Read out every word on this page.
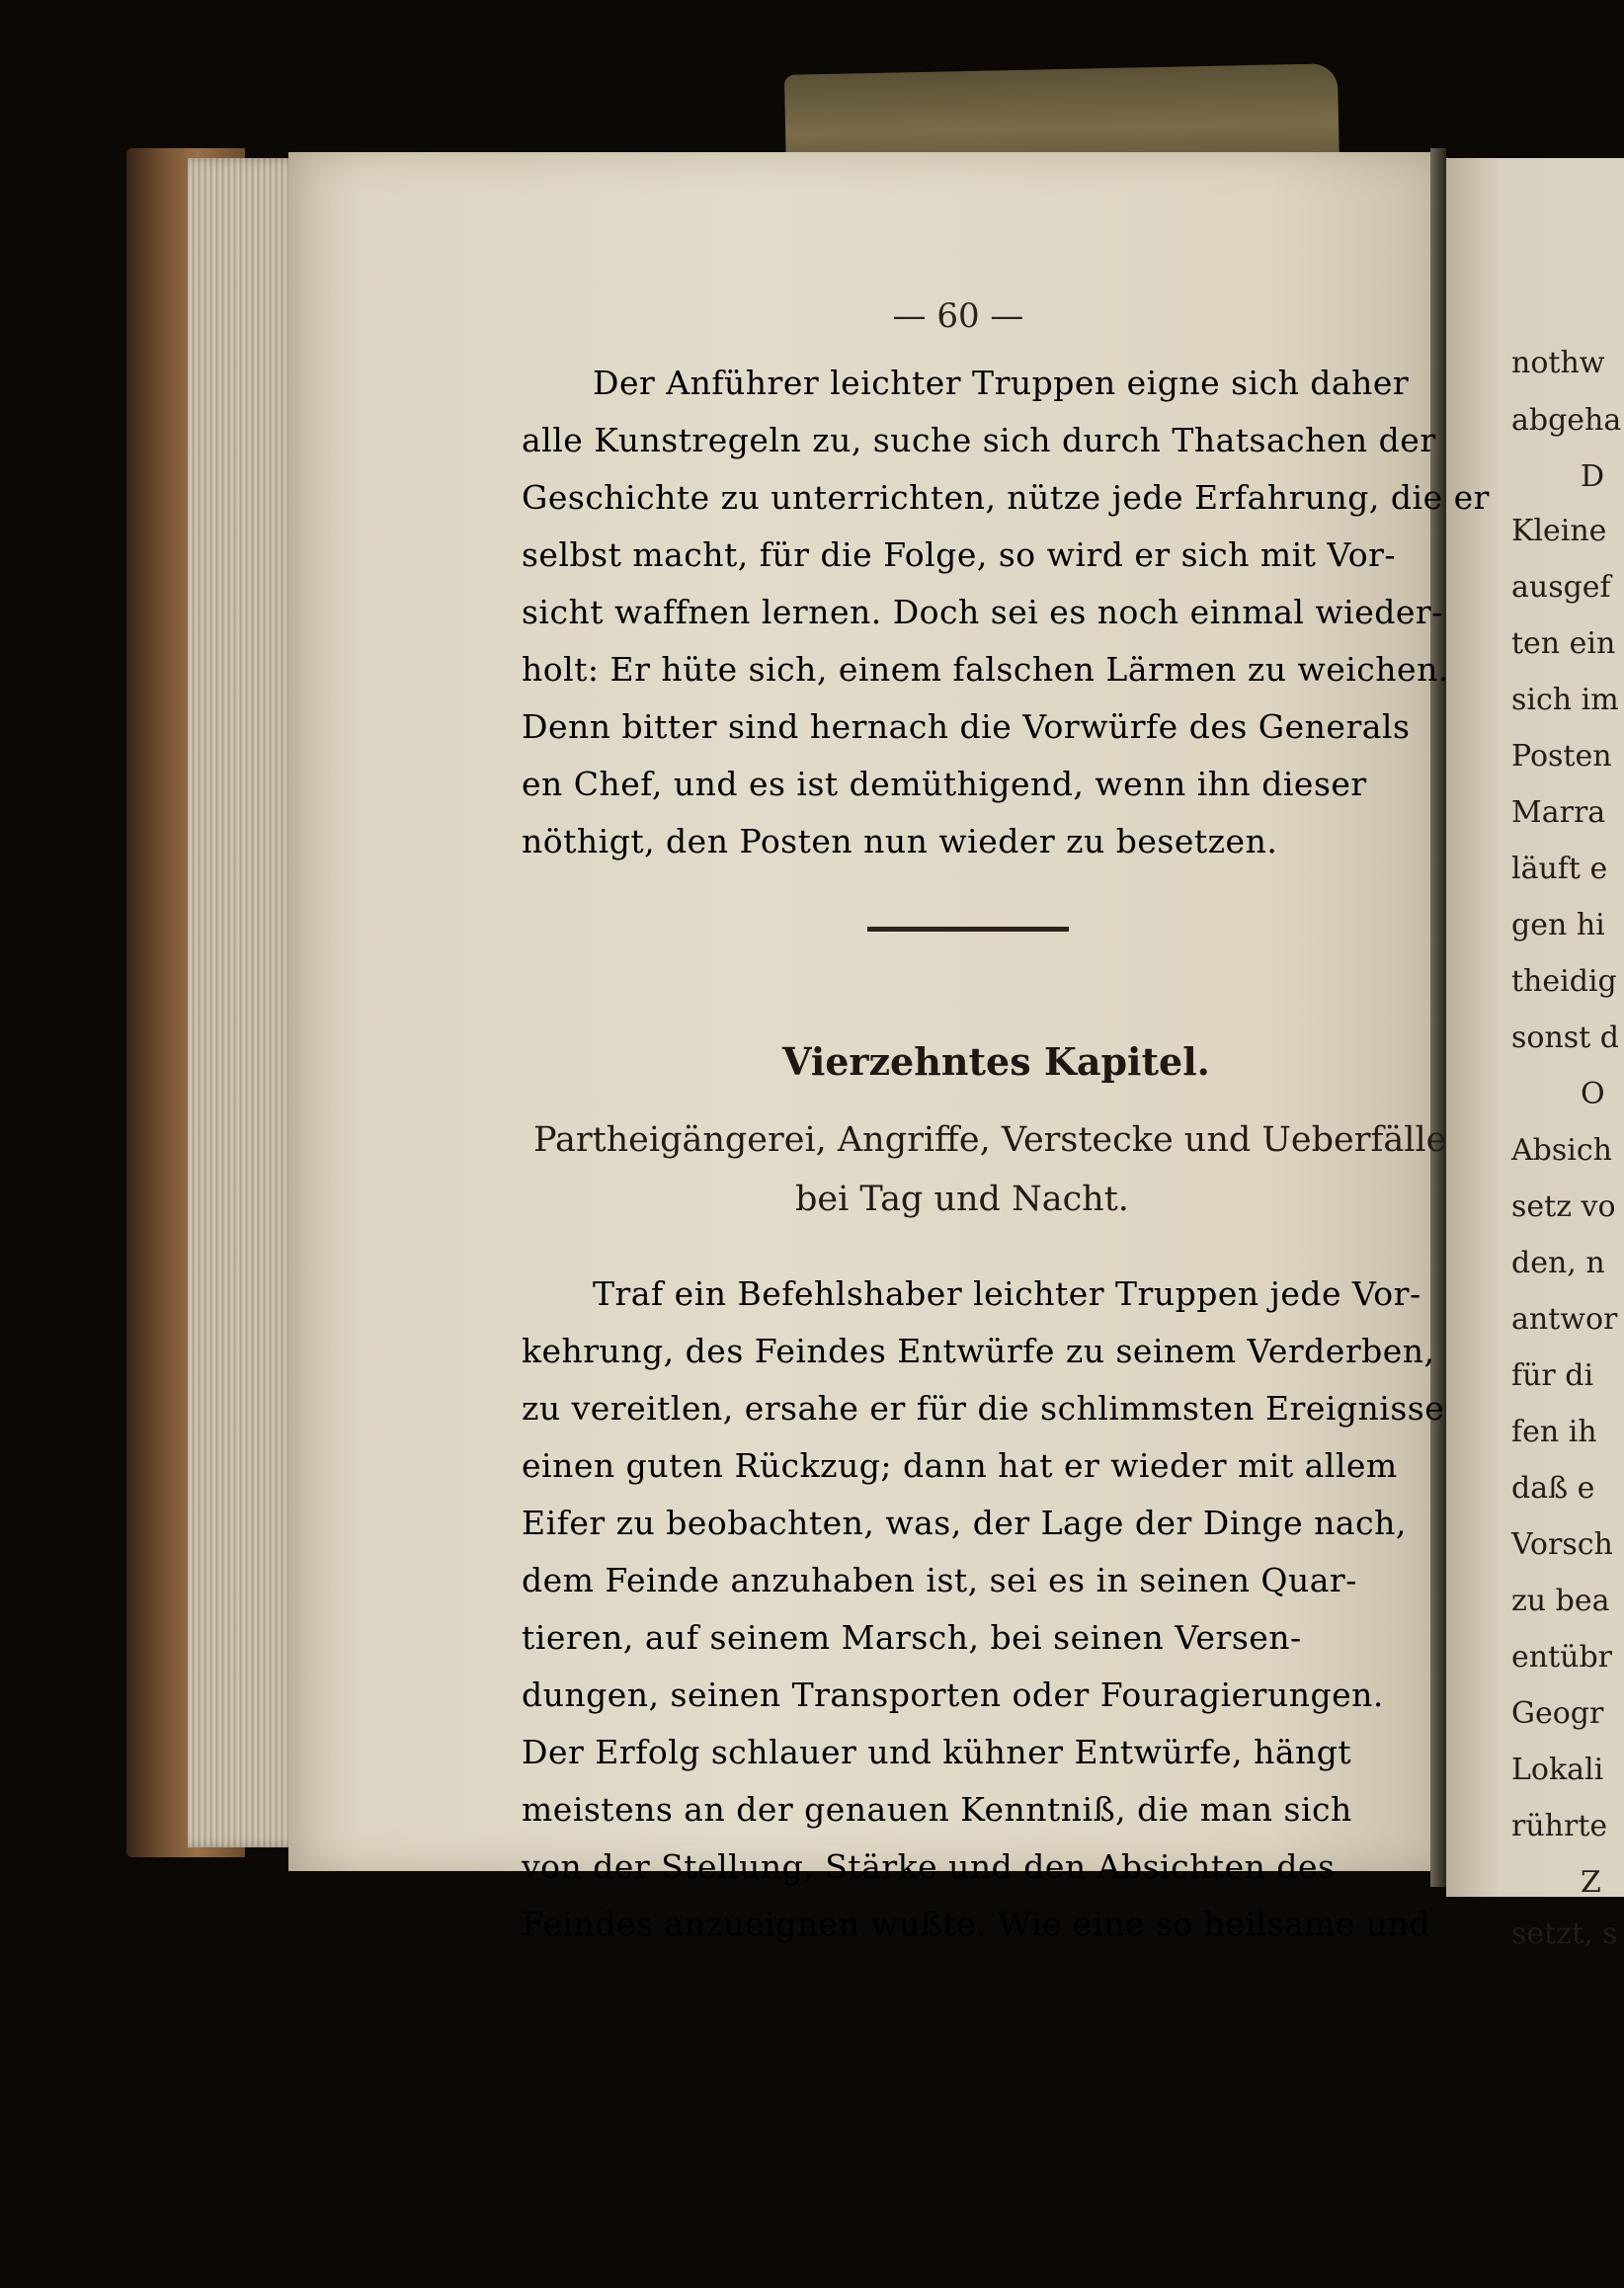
— 60 —
Der Anführer leichter Truppen eigne sich daher
alle Kunstregeln zu, suche sich durch Thatsachen der
Geschichte zu unterrichten, nütze jede Erfahrung, die er
selbst macht, für die Folge, so wird er sich mit Vor-
sicht waffnen lernen. Doch sei es noch einmal wieder-
holt: Er hüte sich, einem falschen Lärmen zu weichen.
Denn bitter sind hernach die Vorwürfe des Generals
en Chef, und es ist demüthigend, wenn ihn dieser
nöthigt, den Posten nun wieder zu besetzen.
Vierzehntes Kapitel.
Partheigängerei, Angriffe, Verstecke und Ueberfälle
bei Tag und Nacht.
Traf ein Befehlshaber leichter Truppen jede Vor-
kehrung, des Feindes Entwürfe zu seinem Verderben,
zu vereitlen, ersahe er für die schlimmsten Ereignisse
einen guten Rückzug; dann hat er wieder mit allem
Eifer zu beobachten, was, der Lage der Dinge nach,
dem Feinde anzuhaben ist, sei es in seinen Quar-
tieren, auf seinem Marsch, bei seinen Versen-
dungen, seinen Transporten oder Fouragierungen.
Der Erfolg schlauer und kühner Entwürfe, hängt
meistens an der genauen Kenntniß, die man sich
von der Stellung, Stärke und den Absichten des
Feindes anzueignen wußte. Wie eine so heilsame und
nothw
abgeha
D
Kleine
ausgef
ten ein
sich im
Posten
Marra
läuft e
gen hi
theidig
sonst d
O
Absich
setz vo
den, n
antwor
für di
fen ih
daß e
Vorsch
zu bea
entübr
Geogr
Lokali
rührte
Z
setzt, s
